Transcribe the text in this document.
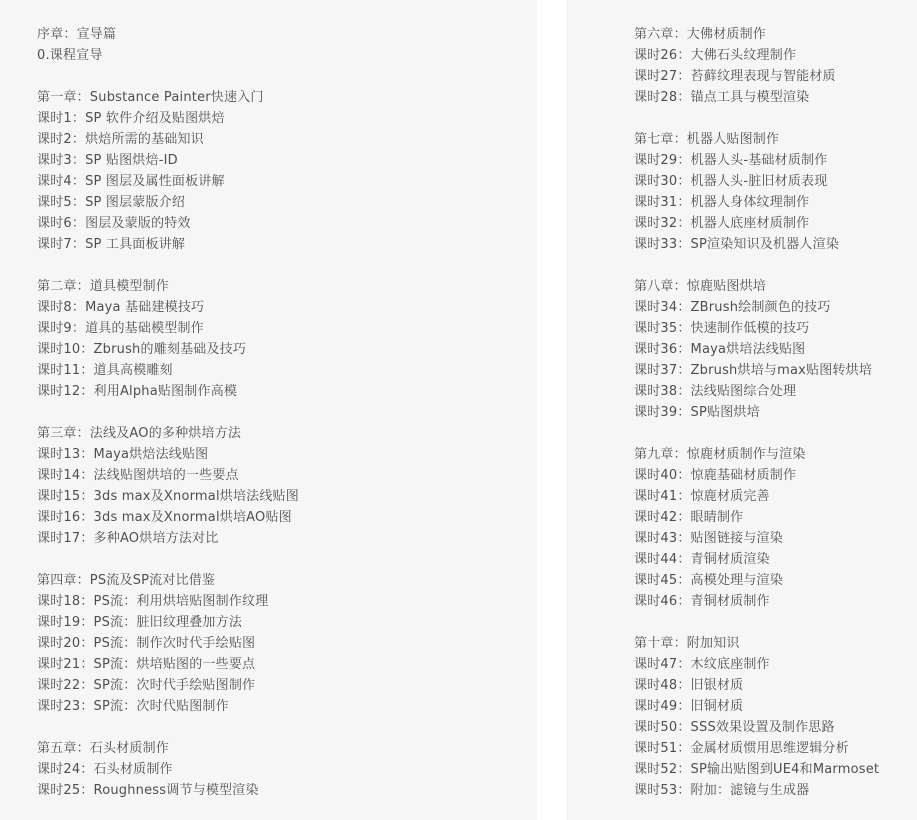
序章：宣导篇
0.课程宣导
第一章：Substance Painter快速入门
课时1：SP 软件介绍及贴图烘焙
课时2：烘焙所需的基础知识
课时3：SP 贴图烘焙-ID
课时4：SP 图层及属性面板讲解
课时5：SP 图层蒙版介绍
课时6：图层及蒙版的特效
课时7：SP 工具面板讲解
第二章：道具模型制作
课时8：Maya 基础建模技巧
课时9：道具的基础模型制作
课时10：Zbrush的雕刻基础及技巧
课时11：道具高模雕刻
课时12：利用Alpha贴图制作高模
第三章：法线及AO的多种烘培方法
课时13：Maya烘焙法线贴图
课时14：法线贴图烘培的一些要点
课时15：3ds max及Xnormal烘培法线贴图
课时16：3ds max及Xnormal烘培AO贴图
课时17：多种AO烘培方法对比
第四章：PS流及SP流对比借鉴
课时18：PS流：利用烘培贴图制作纹理
课时19：PS流：脏旧纹理叠加方法
课时20：PS流：制作次时代手绘贴图
课时21：SP流：烘培贴图的一些要点
课时22：SP流：次时代手绘贴图制作
课时23：SP流：次时代贴图制作
第五章：石头材质制作
课时24：石头材质制作
课时25：Roughness调节与模型渲染
第六章：大佛材质制作
课时26：大佛石头纹理制作
课时27：苔藓纹理表现与智能材质
课时28：锚点工具与模型渲染
第七章：机器人贴图制作
课时29：机器人头-基础材质制作
课时30：机器人头-脏旧材质表现
课时31：机器人身体纹理制作
课时32：机器人底座材质制作
课时33：SP渲染知识及机器人渲染
第八章：惊鹿贴图烘培
课时34：ZBrush绘制颜色的技巧
课时35：快速制作低模的技巧
课时36：Maya烘培法线贴图
课时37：Zbrush烘培与max贴图转烘培
课时38：法线贴图综合处理
课时39：SP贴图烘培
第九章：惊鹿材质制作与渲染
课时40：惊鹿基础材质制作
课时41：惊鹿材质完善
课时42：眼睛制作
课时43：贴图链接与渲染
课时44：青铜材质渲染
课时45：高模处理与渲染
课时46：青铜材质制作
第十章：附加知识
课时47：木纹底座制作
课时48：旧银材质
课时49：旧铜材质
课时50：SSS效果设置及制作思路
课时51：金属材质惯用思维逻辑分析
课时52：SP输出贴图到UE4和Marmoset
课时53：附加：滤镜与生成器
